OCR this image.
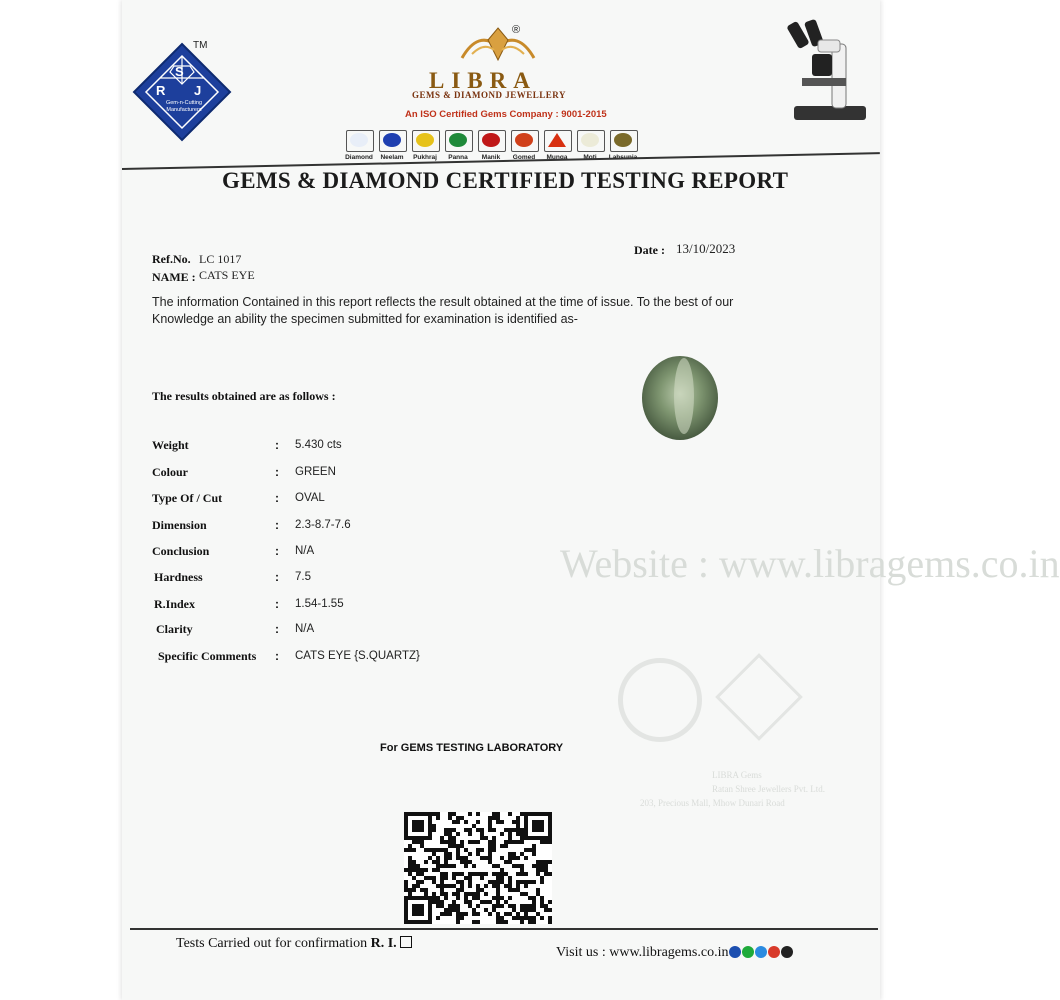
TM
S
R J
Gem-n-Cutting Manufacturers
®
LIBRA
GEMS & DIAMOND JEWELLERY
An ISO Certified Gems Company : 9001-2015
Diamond	Neelam	Pukhraj	Panna	Manik	Gomed	Munga
GEMS & DIAMOND CERTIFIED TESTING REPORT
Ref.No. LC 1017
NAME : CATS EYE
Date : 13/10/2023
The information Contained in this report reflects the result obtained at the time of issue. To the best of our
Knowledge an ability the specimen submitted for examination is identified as-
The results obtained are as follows :
Website : www.libragems.co.in
Weight	: 5.430 cts
Colour	: GREEN
Type Of / Cut	: OVAL
Dimension	: 2.3-8.7-7.6
Conclusion	: N/A
Hardness	: 7.5
R.Index	: 1.54-1.55
Clarity	: N/A
Specific Comments : CATS EYE {S.QUARTZ}
LIBRA Gems
Ratan Shree Jewellers Pvt. Ltd.
203, Precious Mall, Mhow Dunari Road
For GEMS TESTING LABORATORY
Tests Carried out for confirmation R. I.
Visit us : www.libragems.co.in
